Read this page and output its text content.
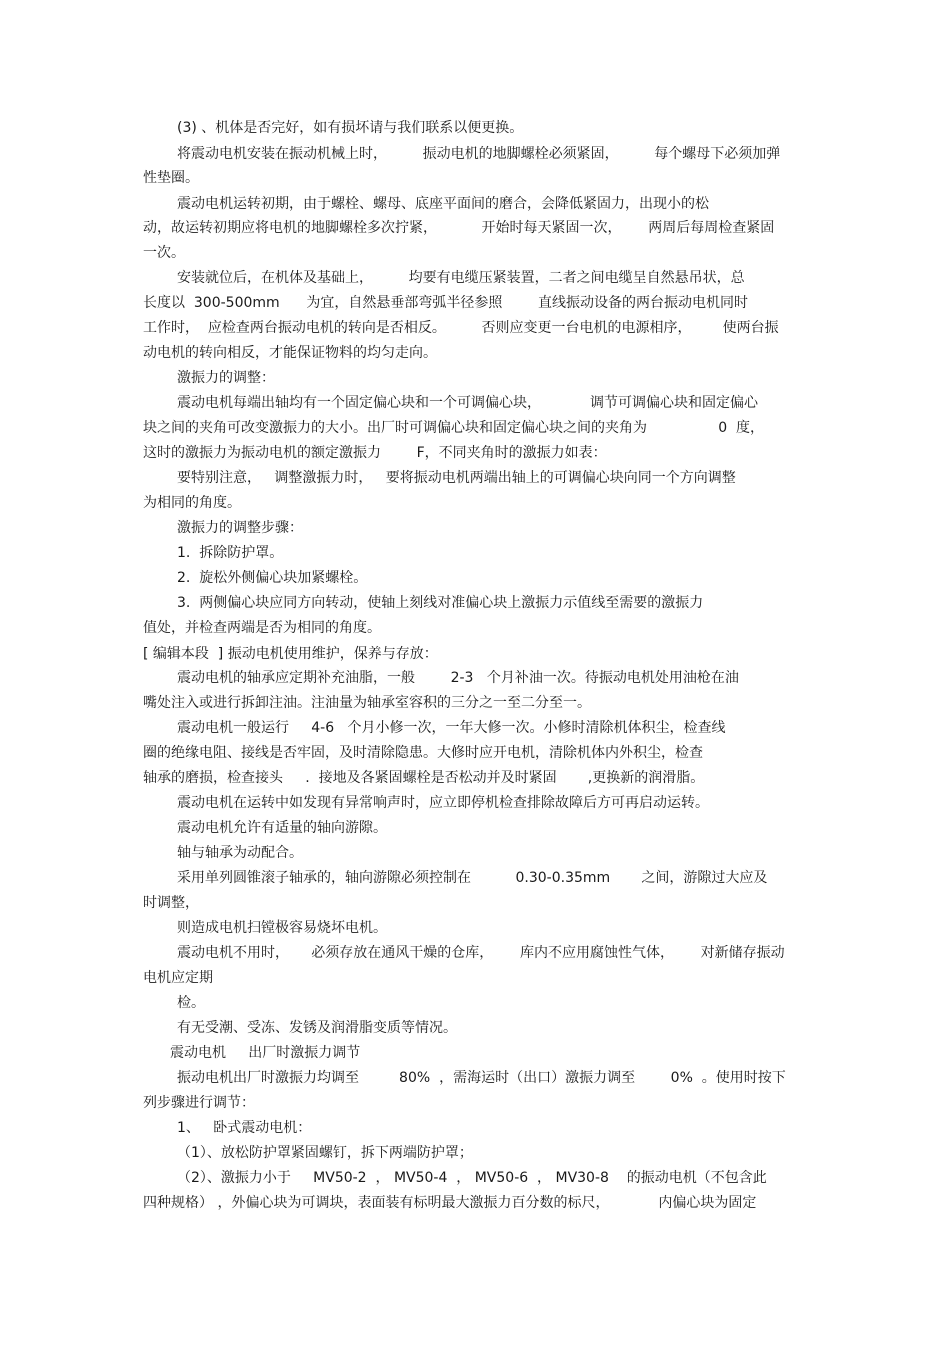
(3) 、机体是否完好，如有损坏请与我们联系以便更换。

将震动电机安装在振动机械上时，        振动电机的地脚螺栓必须紧固，        每个螺母下必须加弹

性垫圈。

震动电机运转初期，由于螺栓、螺母、底座平面间的磨合，会降低紧固力，出现小的松

动，故运转初期应将电机的地脚螺栓多次拧紧，          开始时每天紧固一次，      两周后每周检查紧固

一次。

安装就位后，在机体及基础上，        均要有电缆压紧装置，二者之间电缆呈自然悬吊状，总

长度以  300-500mm      为宜，自然悬垂部弯弧半径参照        直线振动设备的两台振动电机同时

工作时，  应检查两台振动电机的转向是否相反。        否则应变更一台电机的电源相序，       使两台振

动电机的转向相反，才能保证物料的均匀走向。

激振力的调整：

震动电机每端出轴均有一个固定偏心块和一个可调偏心块，           调节可调偏心块和固定偏心

块之间的夹角可改变激振力的大小。出厂时可调偏心块和固定偏心块之间的夹角为                0  度，

这时的激振力为振动电机的额定激振力        F，不同夹角时的激振力如表：

要特别注意，   调整激振力时，   要将振动电机两端出轴上的可调偏心块向同一个方向调整

为相同的角度。

激振力的调整步骤：

1.  拆除防护罩。

2.  旋松外侧偏心块加紧螺栓。

3.  两侧偏心块应同方向转动，使轴上刻线对准偏心块上激振力示值线至需要的激振力

值处，并检查两端是否为相同的角度。

[ 编辑本段  ] 振动电机使用维护，保养与存放：

震动电机的轴承应定期补充油脂，一般        2-3   个月补油一次。待振动电机处用油枪在油

嘴处注入或进行拆卸注油。注油量为轴承室容积的三分之一至二分至一。

震动电机一般运行     4-6   个月小修一次，一年大修一次。小修时清除机体积尘，检查线

圈的绝缘电阻、接线是否牢固，及时清除隐患。大修时应开电机，清除机体内外积尘，检查

轴承的磨损，检查接头     .  接地及各紧固螺栓是否松动并及时紧固       ,更换新的润滑脂。

震动电机在运转中如发现有异常响声时，应立即停机检查排除故障后方可再启动运转。

震动电机允许有适量的轴向游隙。

轴与轴承为动配合。

采用单列圆锥滚子轴承的，轴向游隙必须控制在          0.30-0.35mm       之间，游隙过大应及

时调整，

则造成电机扫镗极容易烧坏电机。

震动电机不用时，     必须存放在通风干燥的仓库，      库内不应用腐蚀性气体，      对新储存振动

电机应定期

检。

有无受潮、受冻、发锈及润滑脂变质等情况。

震动电机     出厂时激振力调节

振动电机出厂时激振力均调至         80%  ，需海运时（出口）激振力调至        0%  。使用时按下

列步骤进行调节：

1、   卧式震动电机：

（1）、放松防护罩紧固螺钉，拆下两端防护罩；

（2）、激振力小于     MV50-2  ， MV50-4  ， MV50-6  ， MV30-8    的振动电机（不包含此

四种规格） ，外偏心块为可调块，表面装有标明最大激振力百分数的标尺，           内偏心块为固定
